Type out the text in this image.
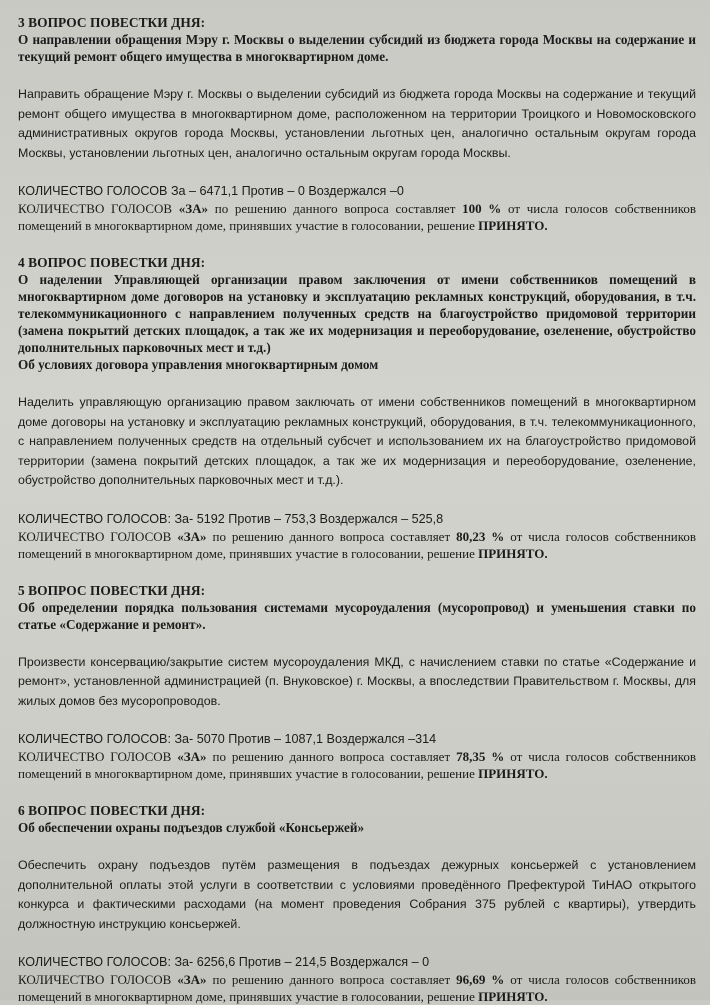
3 ВОПРОС ПОВЕСТКИ ДНЯ:
О направлении обращения Мэру г. Москвы о выделении субсидий из бюджета города Москвы на содержание и текущий ремонт общего имущества в многоквартирном доме.
Направить обращение Мэру г. Москвы о выделении субсидий из бюджета города Москвы на содержание и текущий ремонт общего имущества в многоквартирном доме, расположенном на территории Троицкого и Новомосковского административных округов города Москвы, установлении льготных цен, аналогично остальным округам города Москвы, установлении льготных цен, аналогично остальным округам города Москвы.
КОЛИЧЕСТВО ГОЛОСОВ За – 6471,1 Против – 0 Воздержался –0
КОЛИЧЕСТВО ГОЛОСОВ «ЗА» по решению данного вопроса составляет 100 % от числа голосов собственников помещений в многоквартирном доме, принявших участие в голосовании, решение ПРИНЯТО.
4 ВОПРОС ПОВЕСТКИ ДНЯ:
О наделении Управляющей организации правом заключения от имени собственников помещений в многоквартирном доме договоров на установку и эксплуатацию рекламных конструкций, оборудования, в т.ч. телекоммуникационного с направлением полученных средств на благоустройство придомовой территории (замена покрытий детских площадок, а так же их модернизация и переоборудование, озеленение, обустройство дополнительных парковочных мест и т.д.)
Об условиях договора управления многоквартирным домом
Наделить управляющую организацию правом заключать от имени собственников помещений в многоквартирном доме договоры на установку и эксплуатацию рекламных конструкций, оборудования, в т.ч. телекоммуникационного, с направлением полученных средств на отдельный субсчет и использованием их на благоустройство придомовой территории (замена покрытий детских площадок, а так же их модернизация и переоборудование, озеленение, обустройство дополнительных парковочных мест и т.д.).
КОЛИЧЕСТВО ГОЛОСОВ: За- 5192 Против – 753,3 Воздержался – 525,8
КОЛИЧЕСТВО ГОЛОСОВ «ЗА» по решению данного вопроса составляет 80,23 % от числа голосов собственников помещений в многоквартирном доме, принявших участие в голосовании, решение ПРИНЯТО.
5 ВОПРОС ПОВЕСТКИ ДНЯ:
Об определении порядка пользования системами мусороудаления (мусоропровод) и уменьшения ставки по статье «Содержание и ремонт».
Произвести консервацию/закрытие систем мусороудаления МКД, с начислением ставки по статье «Содержание и ремонт», установленной администрацией (п. Внуковское) г. Москвы, а впоследствии Правительством г. Москвы, для жилых домов без мусоропроводов.
КОЛИЧЕСТВО ГОЛОСОВ: За- 5070 Против – 1087,1 Воздержался –314
КОЛИЧЕСТВО ГОЛОСОВ «ЗА» по решению данного вопроса составляет 78,35 % от числа голосов собственников помещений в многоквартирном доме, принявших участие в голосовании, решение ПРИНЯТО.
6 ВОПРОС ПОВЕСТКИ ДНЯ:
Об обеспечении охраны подъездов службой «Консьержей»
Обеспечить охрану подъездов путём размещения в подъездах дежурных консьержей с установлением дополнительной оплаты этой услуги в соответствии с условиями проведённого Префектурой ТиНАО открытого конкурса и фактическими расходами (на момент проведения Собрания 375 рублей с квартиры), утвердить должностную инструкцию консьержей.
КОЛИЧЕСТВО ГОЛОСОВ: За- 6256,6 Против – 214,5 Воздержался – 0
КОЛИЧЕСТВО ГОЛОСОВ «ЗА» по решению данного вопроса составляет 96,69 % от числа голосов собственников помещений в многоквартирном доме, принявших участие в голосовании, решение ПРИНЯТО.
